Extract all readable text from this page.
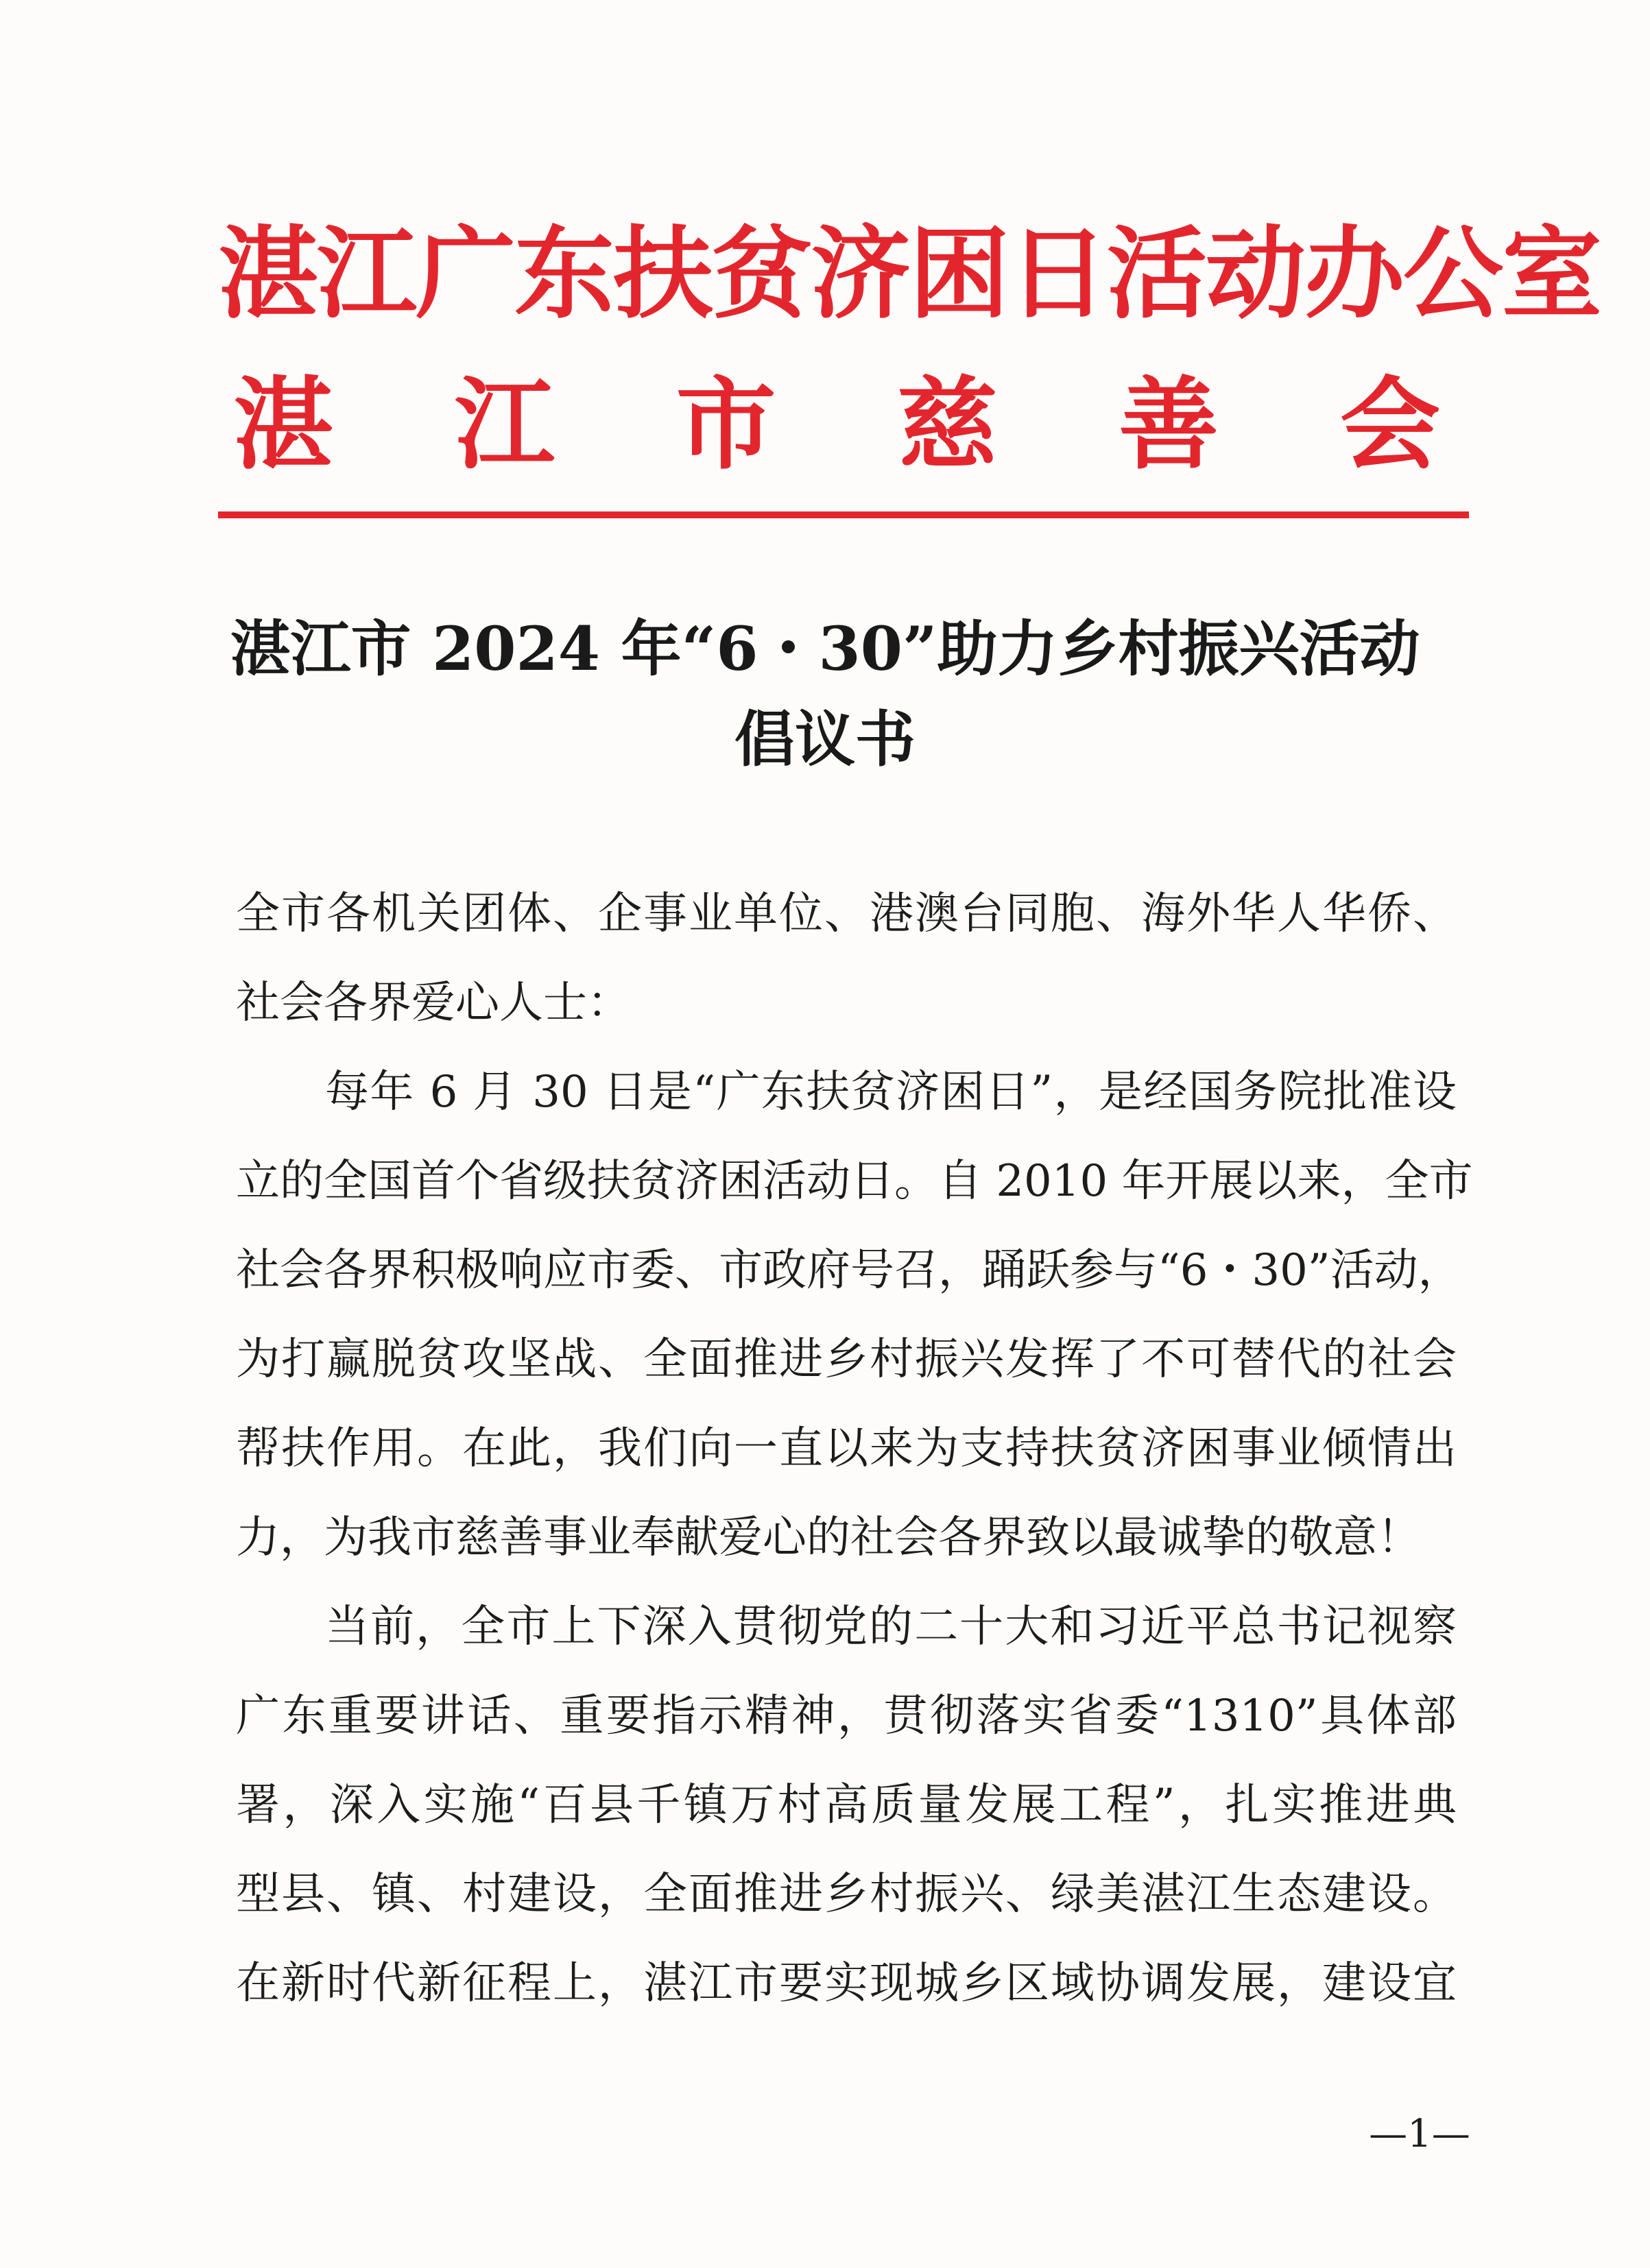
湛江广东扶贫济困日活动办公室
湛 江 市 慈 善 会
湛江市 2024 年“6・30”助力乡村振兴活动
倡议书

全市各机关团体、企事业单位、港澳台同胞、海外华人华侨、

社会各界爱心人士：

每年 6 月 30 日是“广东扶贫济困日”，是经国务院批准设

立的全国首个省级扶贫济困活动日。自 2010 年开展以来，全市

社会各界积极响应市委、市政府号召，踊跃参与“6・30”活动，

为打赢脱贫攻坚战、全面推进乡村振兴发挥了不可替代的社会

帮扶作用。在此，我们向一直以来为支持扶贫济困事业倾情出

力，为我市慈善事业奉献爱心的社会各界致以最诚挚的敬意！

当前，全市上下深入贯彻党的二十大和习近平总书记视察

广东重要讲话、重要指示精神，贯彻落实省委“1310”具体部

署，深入实施“百县千镇万村高质量发展工程”，扎实推进典

型县、镇、村建设，全面推进乡村振兴、绿美湛江生态建设。

在新时代新征程上，湛江市要实现城乡区域协调发展，建设宜

—1—
